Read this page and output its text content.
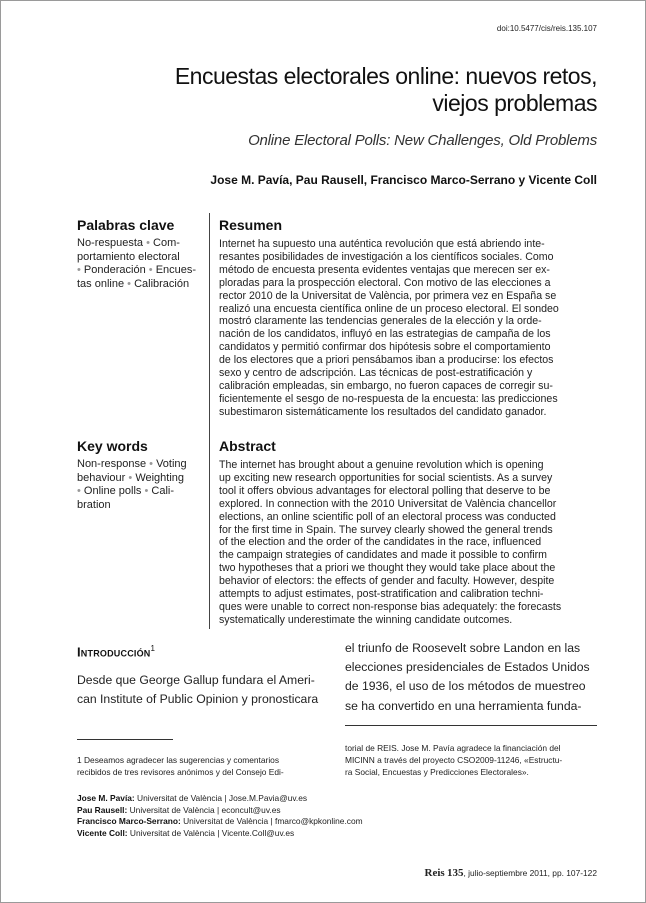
doi:10.5477/cis/reis.135.107
Encuestas electorales online: nuevos retos,
viejos problemas
Online Electoral Polls: New Challenges, Old Problems
Jose M. Pavía, Pau Rausell, Francisco Marco-Serrano y Vicente Coll
Palabras clave
No-respuesta • Com-
portamiento electoral
• Ponderación • Encues-
tas online • Calibración
Resumen
Internet ha supuesto una auténtica revolución que está abriendo inte-
resantes posibilidades de investigación a los científicos sociales. Como
método de encuesta presenta evidentes ventajas que merecen ser ex-
ploradas para la prospección electoral. Con motivo de las elecciones a
rector 2010 de la Universitat de València, por primera vez en España se
realizó una encuesta científica online de un proceso electoral. El sondeo
mostró claramente las tendencias generales de la elección y la orde-
nación de los candidatos, influyó en las estrategias de campaña de los
candidatos y permitió confirmar dos hipótesis sobre el comportamiento
de los electores que a priori pensábamos iban a producirse: los efectos
sexo y centro de adscripción. Las técnicas de post-estratificación y
calibración empleadas, sin embargo, no fueron capaces de corregir su-
ficientemente el sesgo de no-respuesta de la encuesta: las predicciones
subestimaron sistemáticamente los resultados del candidato ganador.
Key words
Non-response • Voting
behaviour • Weighting
• Online polls • Cali-
bration
Abstract
The internet has brought about a genuine revolution which is opening
up exciting new research opportunities for social scientists. As a survey
tool it offers obvious advantages for electoral polling that deserve to be
explored. In connection with the 2010 Universitat de València chancellor
elections, an online scientific poll of an electoral process was conducted
for the first time in Spain. The survey clearly showed the general trends
of the election and the order of the candidates in the race, influenced
the campaign strategies of candidates and made it possible to confirm
two hypotheses that a priori we thought they would take place about the
behavior of electors: the effects of gender and faculty. However, despite
attempts to adjust estimates, post-stratification and calibration techni-
ques were unable to correct non-response bias adequately: the forecasts
systematically underestimate the winning candidate outcomes.
Introducción$^1$
Desde que George Gallup fundara el Ameri-
can Institute of Public Opinion y pronosticara
el triunfo de Roosevelt sobre Landon en las
elecciones presidenciales de Estados Unidos
de 1936, el uso de los métodos de muestreo
se ha convertido en una herramienta funda-
1 Deseamos agradecer las sugerencias y comentarios
recibidos de tres revisores anónimos y del Consejo Edi-
torial de REIS. Jose M. Pavía agradece la financiación del
MICINN a través del proyecto CSO2009-11246, «Estructu-
ra Social, Encuestas y Predicciones Electorales».
Jose M. Pavía: Universitat de València | Jose.M.Pavia@uv.es
Pau Rausell: Universitat de València | econcult@uv.es
Francisco Marco-Serrano: Universitat de València | fmarco@kpkonline.com
Vicente Coll: Universitat de València | Vicente.Coll@uv.es
Reis 135, julio-septiembre 2011, pp. 107-122
